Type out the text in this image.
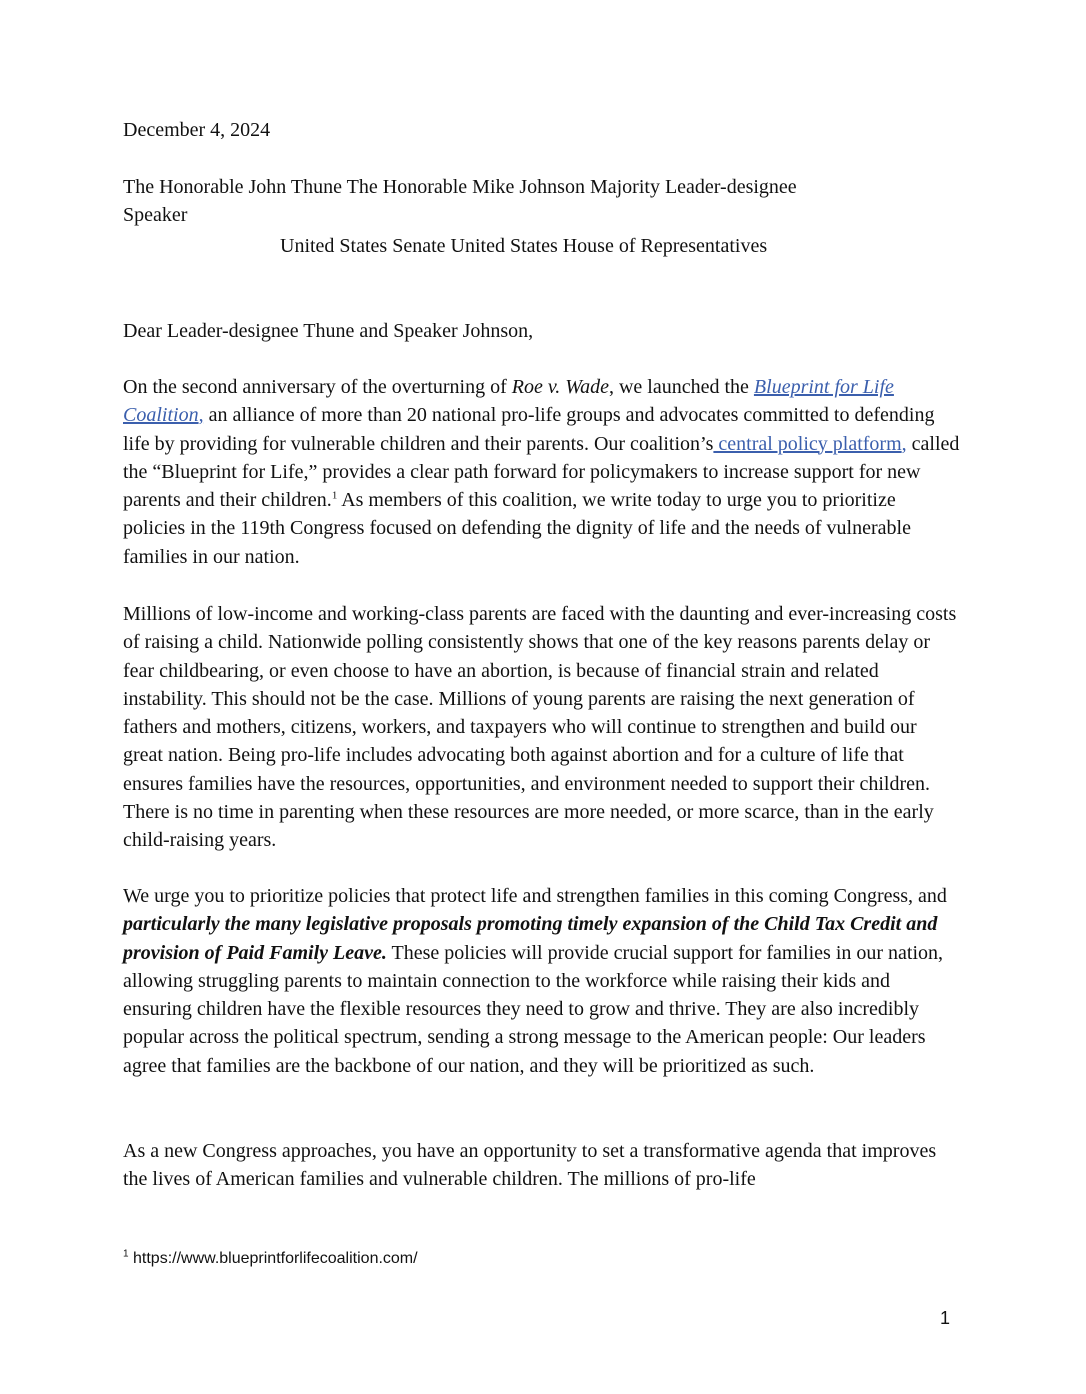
December 4, 2024
The Honorable John Thune The Honorable Mike Johnson Majority Leader-designee
Speaker
United States Senate United States House of Representatives
Dear Leader-designee Thune and Speaker Johnson,
On the second anniversary of the overturning of Roe v. Wade, we launched the Blueprint for Life Coalition, an alliance of more than 20 national pro-life groups and advocates committed to defending life by providing for vulnerable children and their parents. Our coalition’s central policy platform, called the “Blueprint for Life,” provides a clear path forward for policymakers to increase support for new parents and their children.$^1$ As members of this coalition, we write today to urge you to prioritize policies in the 119th Congress focused on defending the dignity of life and the needs of vulnerable families in our nation.
Millions of low-income and working-class parents are faced with the daunting and ever-increasing costs of raising a child. Nationwide polling consistently shows that one of the key reasons parents delay or fear childbearing, or even choose to have an abortion, is because of financial strain and related instability. This should not be the case. Millions of young parents are raising the next generation of fathers and mothers, citizens, workers, and taxpayers who will continue to strengthen and build our great nation. Being pro-life includes advocating both against abortion and for a culture of life that ensures families have the resources, opportunities, and environment needed to support their children. There is no time in parenting when these resources are more needed, or more scarce, than in the early child-raising years.
We urge you to prioritize policies that protect life and strengthen families in this coming Congress, and particularly the many legislative proposals promoting timely expansion of the Child Tax Credit and provision of Paid Family Leave. These policies will provide crucial support for families in our nation, allowing struggling parents to maintain connection to the workforce while raising their kids and ensuring children have the flexible resources they need to grow and thrive. They are also incredibly popular across the political spectrum, sending a strong message to the American people: Our leaders agree that families are the backbone of our nation, and they will be prioritized as such.
As a new Congress approaches, you have an opportunity to set a transformative agenda that improves the lives of American families and vulnerable children. The millions of pro-life
$^1$ https://www.blueprintforlifecoalition.com/
1
